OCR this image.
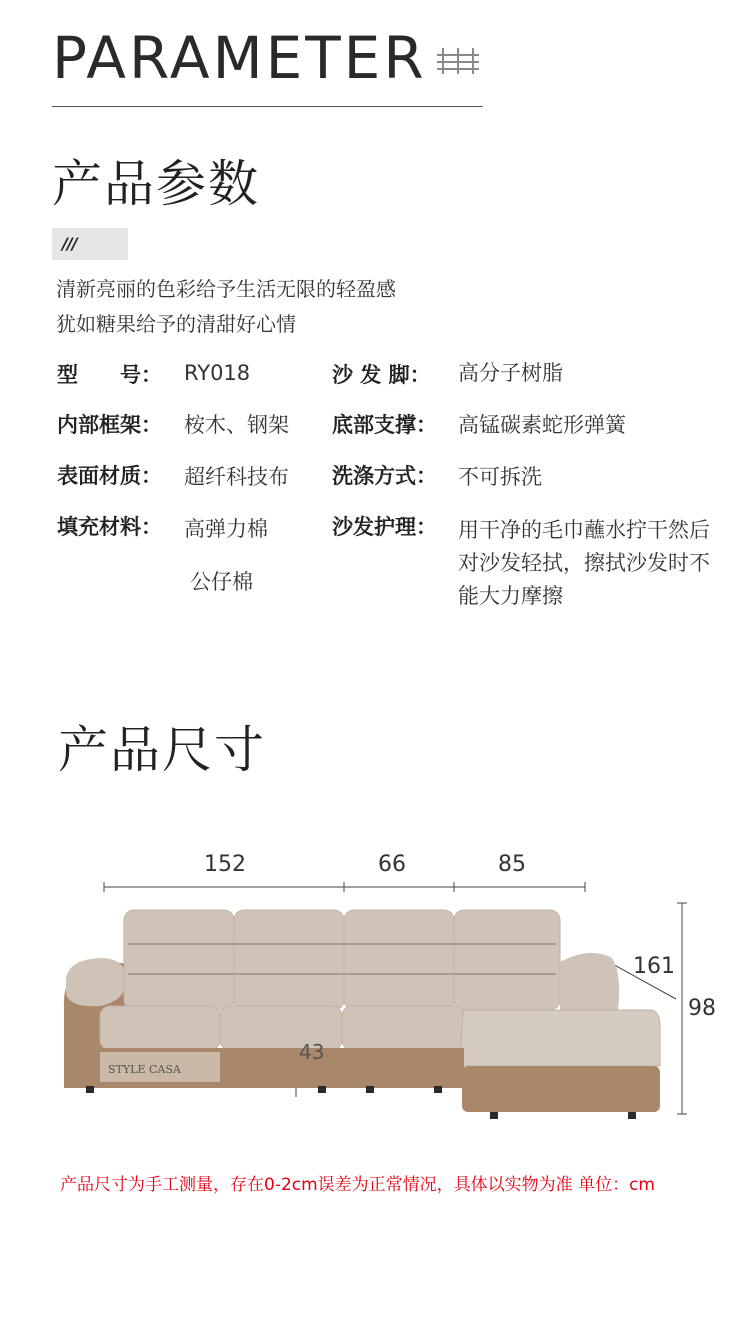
PARAMETER
产品参数
///
清新亮丽的色彩给予生活无限的轻盈感
犹如糖果给予的清甜好心情
型　　号： RY018	沙 发 脚： 高分子树脂
内部框架： 桉木、钢架 底部支撑： 高锰碳素蛇形弹簧
表面材质： 超纤科技布 洗涤方式： 不可拆洗
填充材料： 高弹力棉
公仔棉
沙发护理： 用干净的毛巾蘸水拧干然后对沙发轻拭，擦拭沙发时不能大力摩擦
产品尺寸
152	66	85
161
98
STYLE CASA
43
产品尺寸为手工测量，存在0-2cm误差为正常情况，具体以实物为准 单位：cm
